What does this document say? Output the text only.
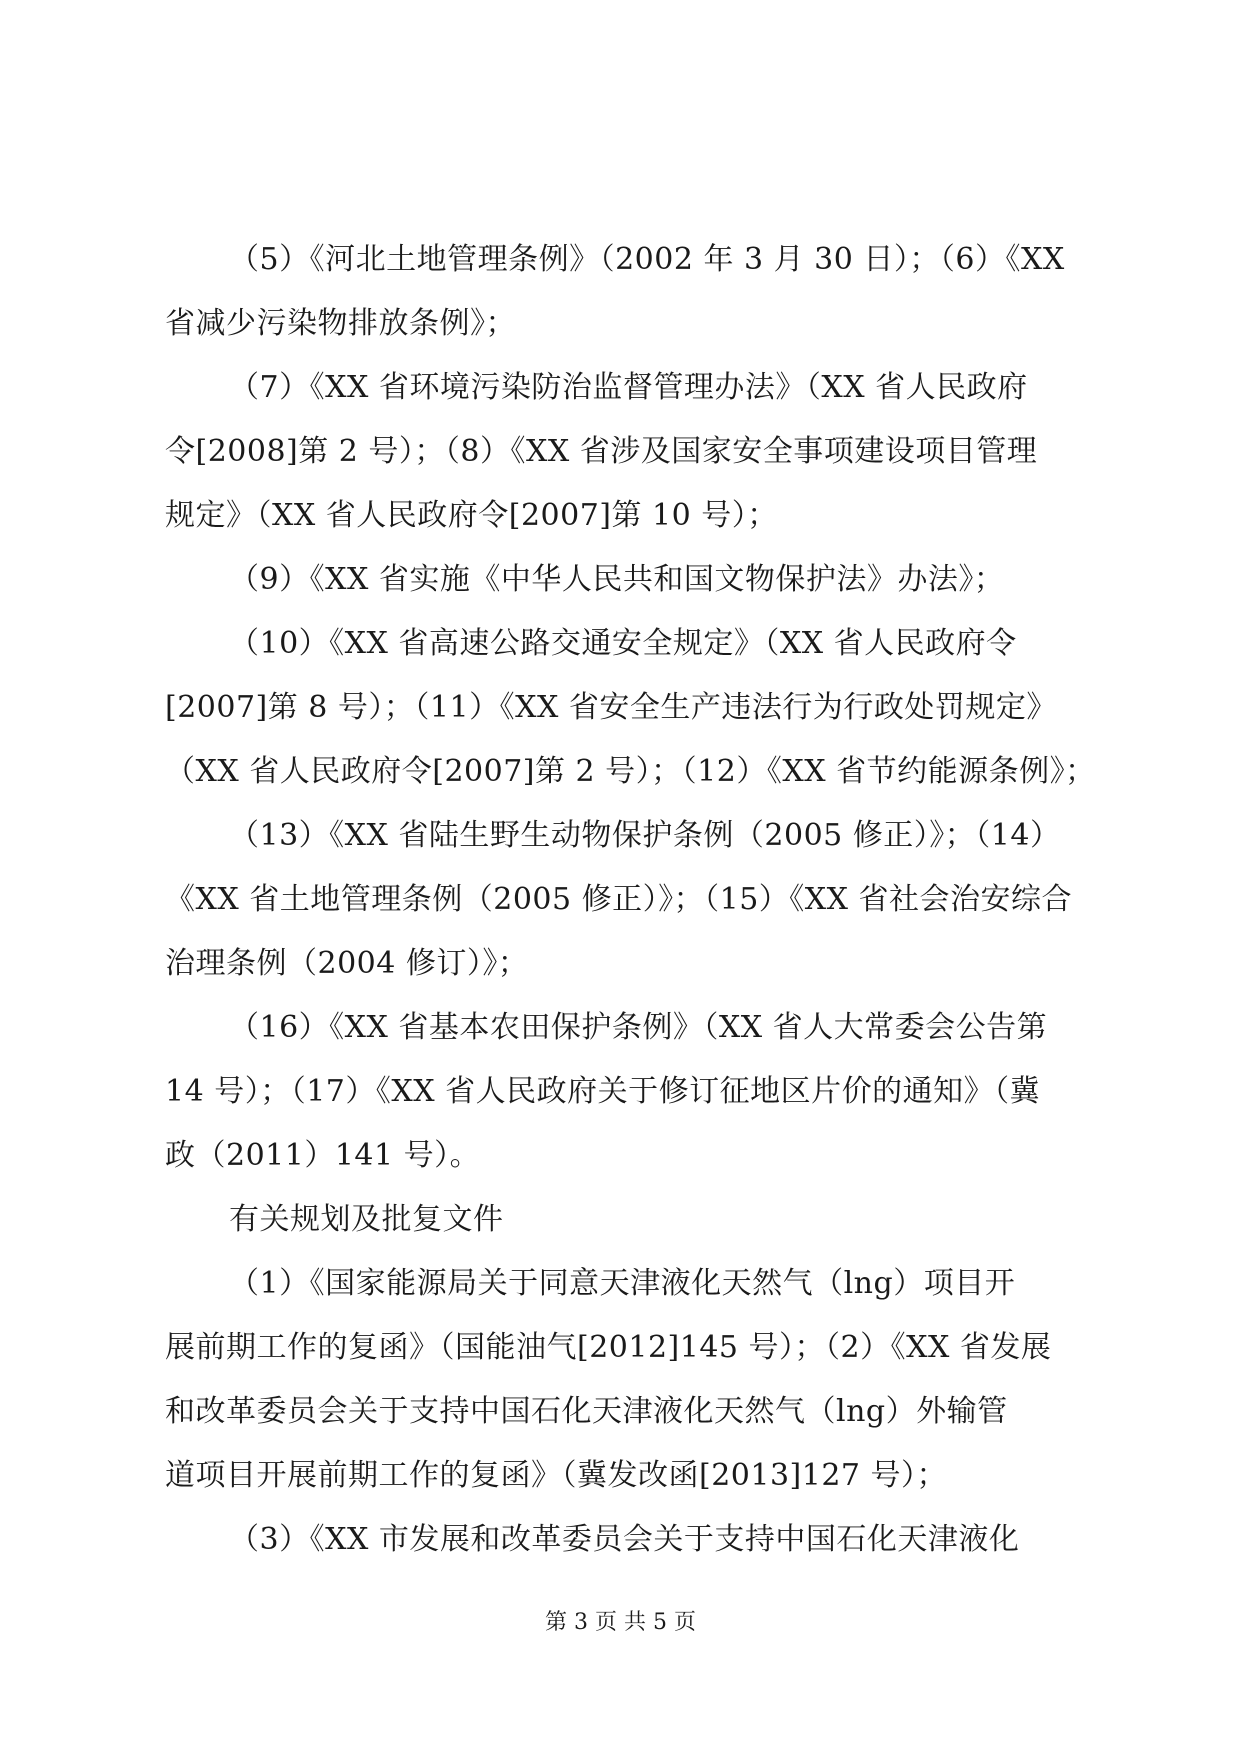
（5）《河北土地管理条例》（2002 年 3 月 30 日）；（6）《XX
省减少污染物排放条例》；
（7）《XX 省环境污染防治监督管理办法》（XX 省人民政府
令[2008]第 2 号）；（8）《XX 省涉及国家安全事项建设项目管理
规定》（XX 省人民政府令[2007]第 10 号）；
（9）《XX 省实施《中华人民共和国文物保护法》办法》；
（10）《XX 省高速公路交通安全规定》（XX 省人民政府令
[2007]第 8 号）；（11）《XX 省安全生产违法行为行政处罚规定》
（XX 省人民政府令[2007]第 2 号）；（12）《XX 省节约能源条例》；
（13）《XX 省陆生野生动物保护条例（2005 修正）》；（14）
《XX 省土地管理条例（2005 修正）》；（15）《XX 省社会治安综合
治理条例（2004 修订）》；
（16）《XX 省基本农田保护条例》（XX 省人大常委会公告第
14 号）；（17）《XX 省人民政府关于修订征地区片价的通知》（冀
政（2011）141 号）。
有关规划及批复文件
（1）《国家能源局关于同意天津液化天然气（lng）项目开
展前期工作的复函》（国能油气[2012]145 号）；（2）《XX 省发展
和改革委员会关于支持中国石化天津液化天然气（lng）外输管
道项目开展前期工作的复函》（冀发改函[2013]127 号）；
（3）《XX 市发展和改革委员会关于支持中国石化天津液化
第 3 页 共 5 页
